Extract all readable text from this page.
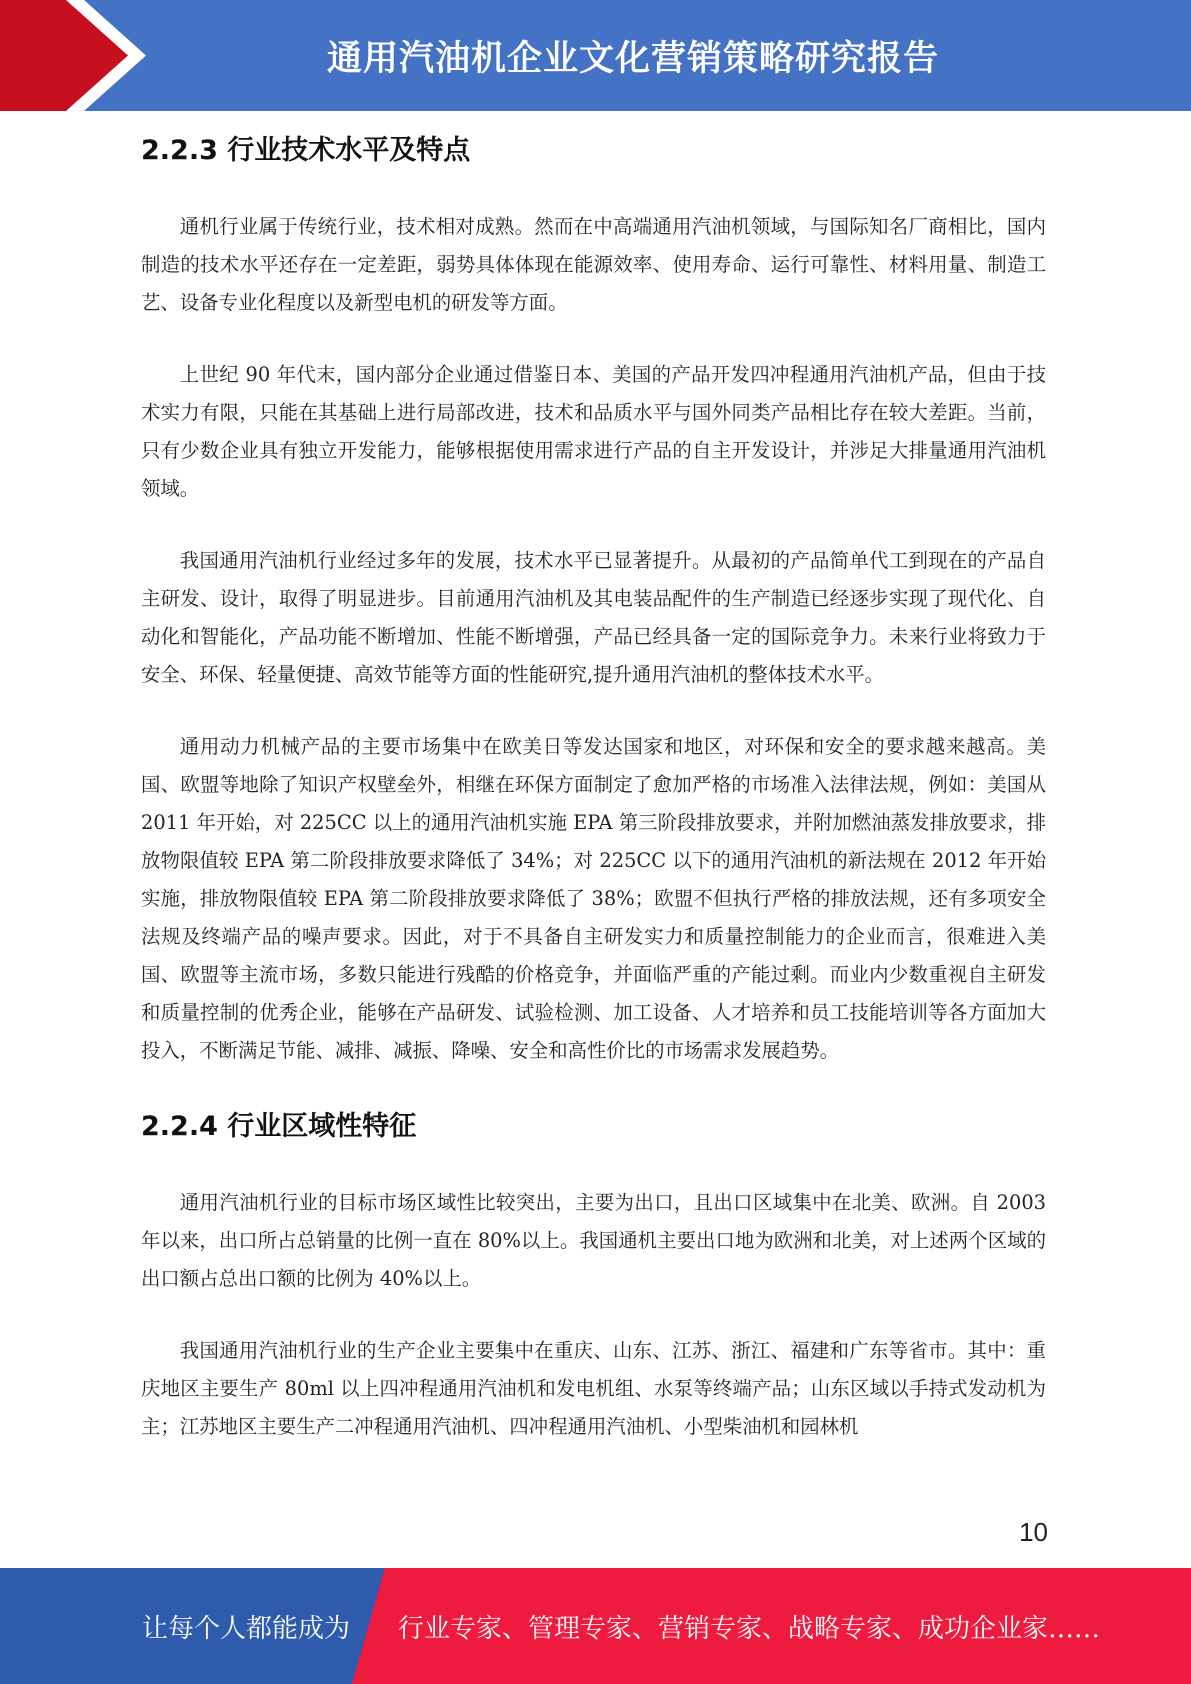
通用汽油机企业文化营销策略研究报告
2.2.3 行业技术水平及特点

通机行业属于传统行业，技术相对成熟。然而在中高端通用汽油机领域，与国际知名厂商相比，国内制造的技术水平还存在一定差距，弱势具体体现在能源效率、使用寿命、运行可靠性、材料用量、制造工艺、设备专业化程度以及新型电机的研发等方面。

上世纪 90 年代末，国内部分企业通过借鉴日本、美国的产品开发四冲程通用汽油机产品，但由于技术实力有限，只能在其基础上进行局部改进，技术和品质水平与国外同类产品相比存在较大差距。当前，只有少数企业具有独立开发能力，能够根据使用需求进行产品的自主开发设计，并涉足大排量通用汽油机领域。

我国通用汽油机行业经过多年的发展，技术水平已显著提升。从最初的产品简单代工到现在的产品自主研发、设计，取得了明显进步。目前通用汽油机及其电装品配件的生产制造已经逐步实现了现代化、自动化和智能化，产品功能不断增加、性能不断增强，产品已经具备一定的国际竞争力。未来行业将致力于安全、环保、轻量便捷、高效节能等方面的性能研究,提升通用汽油机的整体技术水平。

通用动力机械产品的主要市场集中在欧美日等发达国家和地区，对环保和安全的要求越来越高。美国、欧盟等地除了知识产权壁垒外，相继在环保方面制定了愈加严格的市场准入法律法规，例如：美国从 2011 年开始，对 225CC 以上的通用汽油机实施 EPA 第三阶段排放要求，并附加燃油蒸发排放要求，排放物限值较 EPA 第二阶段排放要求降低了 34%；对 225CC 以下的通用汽油机的新法规在 2012 年开始实施，排放物限值较 EPA 第二阶段排放要求降低了 38%；欧盟不但执行严格的排放法规，还有多项安全法规及终端产品的噪声要求。因此，对于不具备自主研发实力和质量控制能力的企业而言，很难进入美国、欧盟等主流市场，多数只能进行残酷的价格竞争，并面临严重的产能过剩。而业内少数重视自主研发和质量控制的优秀企业，能够在产品研发、试验检测、加工设备、人才培养和员工技能培训等各方面加大投入，不断满足节能、减排、减振、降噪、安全和高性价比的市场需求发展趋势。

2.2.4 行业区域性特征

通用汽油机行业的目标市场区域性比较突出，主要为出口，且出口区域集中在北美、欧洲。自 2003 年以来，出口所占总销量的比例一直在 80%以上。我国通机主要出口地为欧洲和北美，对上述两个区域的出口额占总出口额的比例为 40%以上。

我国通用汽油机行业的生产企业主要集中在重庆、山东、江苏、浙江、福建和广东等省市。其中：重庆地区主要生产 80ml 以上四冲程通用汽油机和发电机组、水泵等终端产品；山东区域以手持式发动机为主；江苏地区主要生产二冲程通用汽油机、四冲程通用汽油机、小型柴油机和园林机

10
让每个人都能成为 行业专家、管理专家、营销专家、战略专家、成功企业家……
